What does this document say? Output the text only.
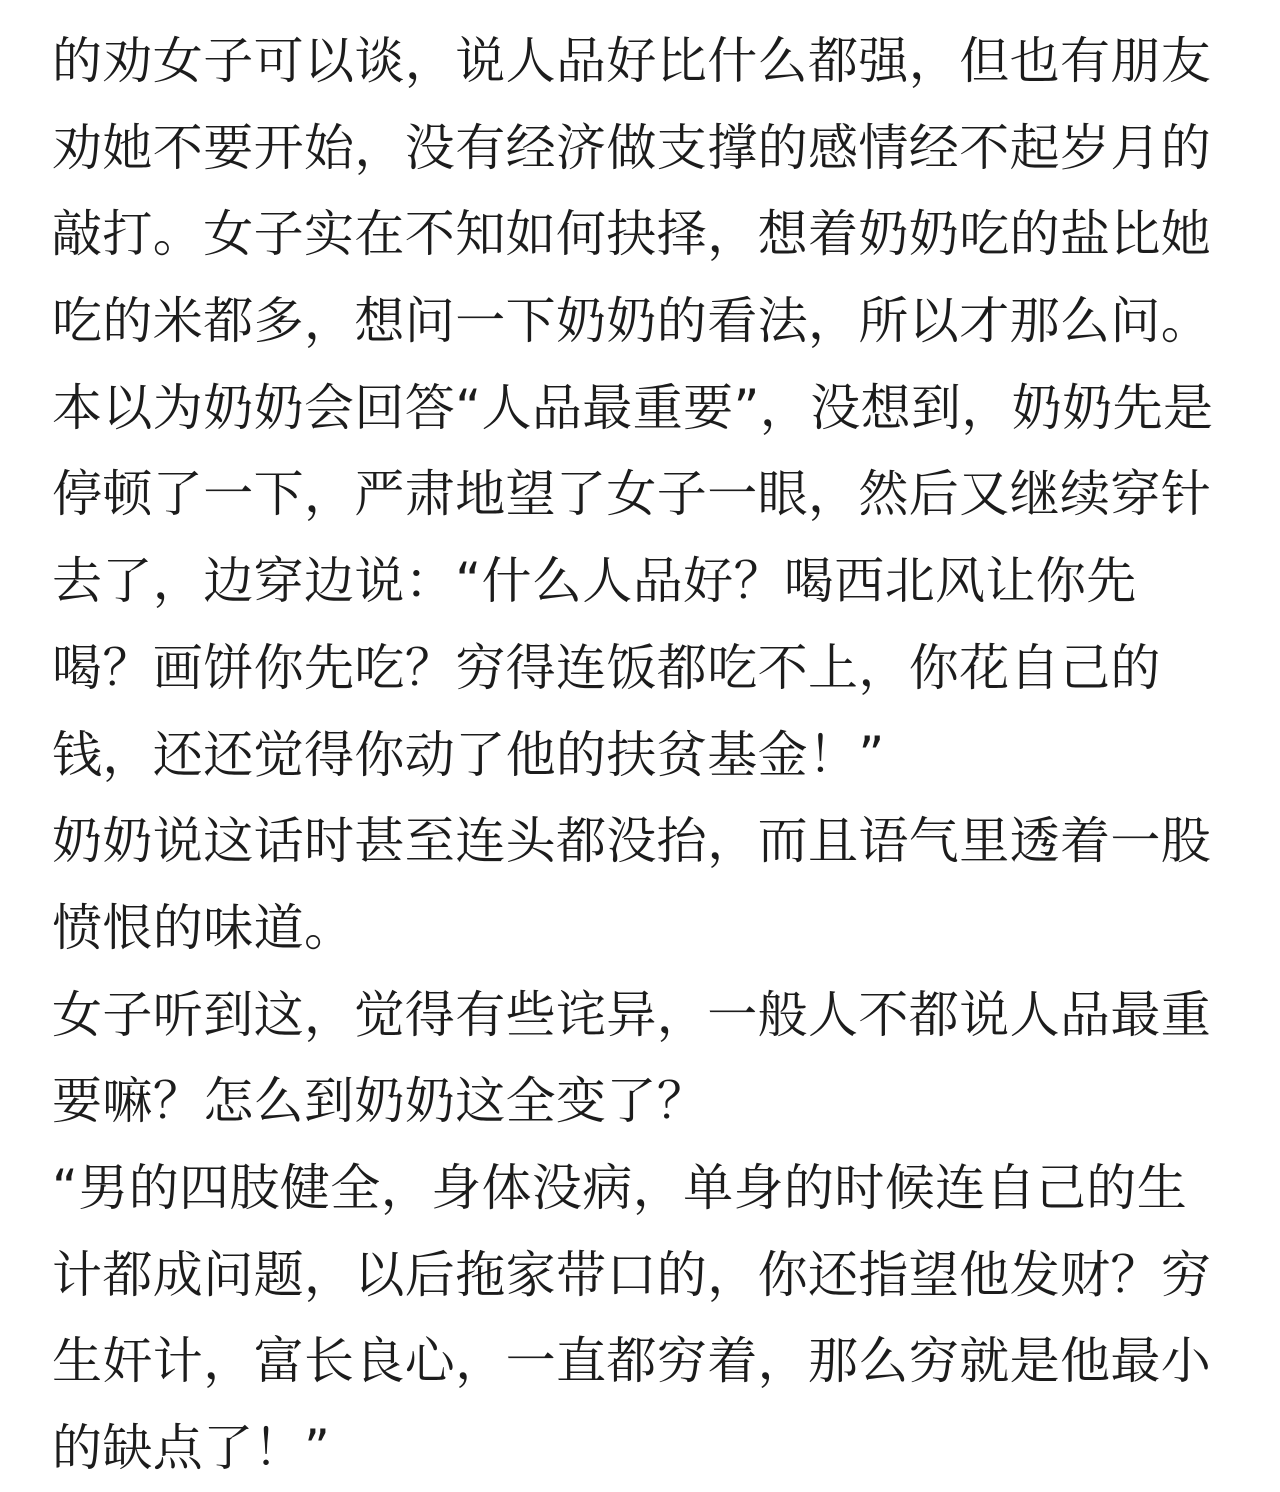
的劝女子可以谈，说人品好比什么都强，但也有朋友
劝她不要开始，没有经济做支撑的感情经不起岁月的
敲打。女子实在不知如何抉择，想着奶奶吃的盐比她
吃的米都多，想问一下奶奶的看法，所以才那么问。
本以为奶奶会回答“人品最重要”，没想到，奶奶先是
停顿了一下，严肃地望了女子一眼，然后又继续穿针
去了，边穿边说：“什么人品好？喝西北风让你先
喝？画饼你先吃？穷得连饭都吃不上，你花自己的
钱，还还觉得你动了他的扶贫基金！”
奶奶说这话时甚至连头都没抬，而且语气里透着一股
愤恨的味道。
女子听到这，觉得有些诧异，一般人不都说人品最重
要嘛？怎么到奶奶这全变了？
“男的四肢健全，身体没病，单身的时候连自己的生
计都成问题，以后拖家带口的，你还指望他发财？穷
生奸计，富长良心，一直都穷着，那么穷就是他最小
的缺点了！”
